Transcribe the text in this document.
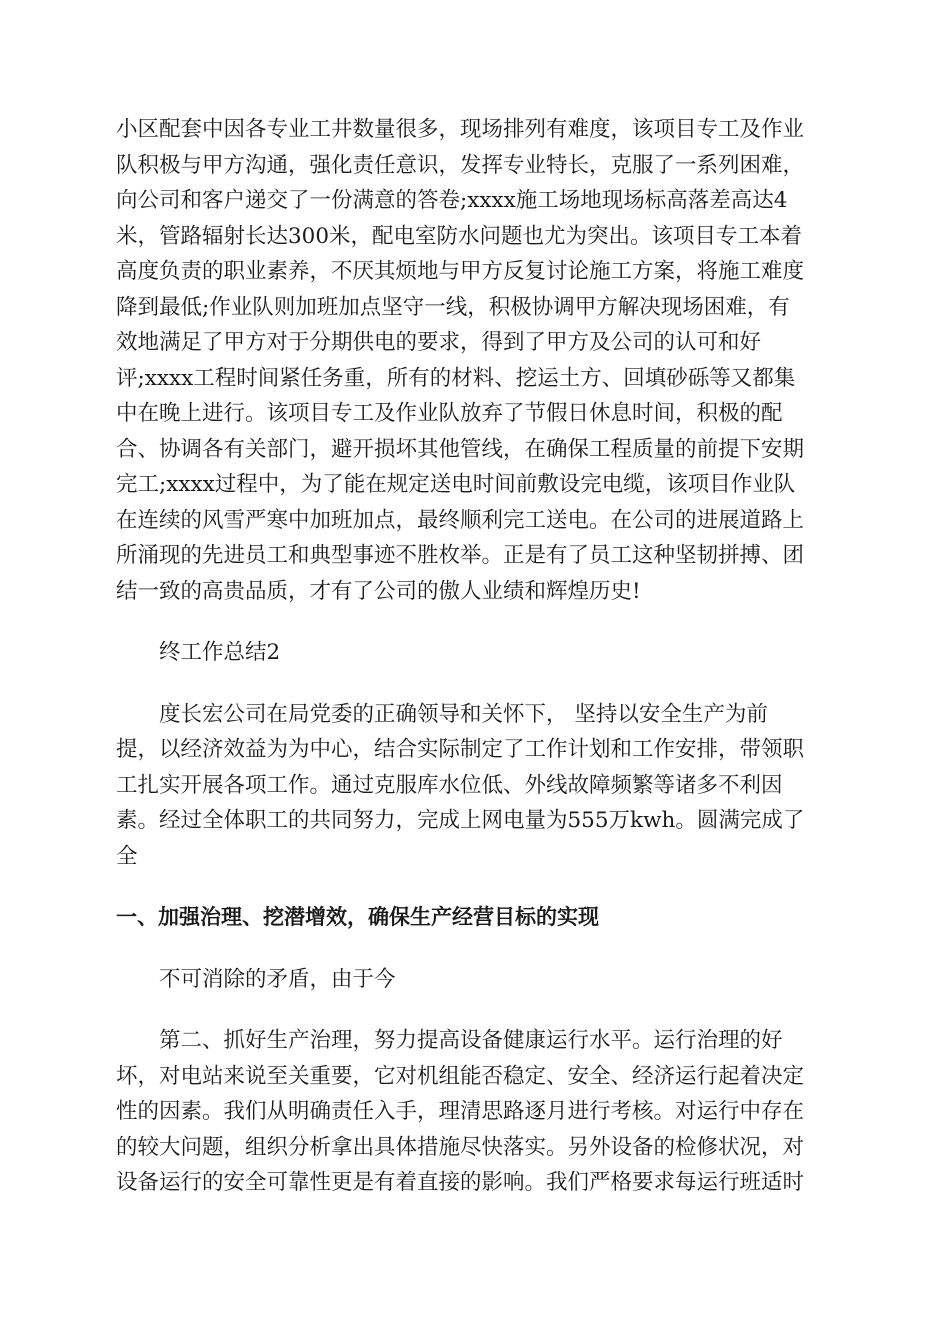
小区配套中因各专业工井数量很多，现场排列有难度，该项目专工及作业
队积极与甲方沟通，强化责任意识，发挥专业特长，克服了一系列困难，
向公司和客户递交了一份满意的答卷;xxxx施工场地现场标高落差高达4
米，管路辐射长达300米，配电室防水问题也尤为突出。该项目专工本着
高度负责的职业素养，不厌其烦地与甲方反复讨论施工方案，将施工难度
降到最低;作业队则加班加点坚守一线，积极协调甲方解决现场困难，有
效地满足了甲方对于分期供电的要求，得到了甲方及公司的认可和好
评;xxxx工程时间紧任务重，所有的材料、挖运土方、回填砂砾等又都集
中在晚上进行。该项目专工及作业队放弃了节假日休息时间，积极的配
合、协调各有关部门，避开损坏其他管线，在确保工程质量的前提下安期
完工;xxxx过程中，为了能在规定送电时间前敷设完电缆，该项目作业队
在连续的风雪严寒中加班加点，最终顺利完工送电。在公司的进展道路上
所涌现的先进员工和典型事迹不胜枚举。正是有了员工这种坚韧拼搏、团
结一致的高贵品质，才有了公司的傲人业绩和辉煌历史!

终工作总结2

度长宏公司在局党委的正确领导和关怀下， 坚持以安全生产为前
提，以经济效益为为中心，结合实际制定了工作计划和工作安排，带领职
工扎实开展各项工作。通过克服库水位低、外线故障频繁等诸多不利因
素。经过全体职工的共同努力，完成上网电量为555万kwh。圆满完成了
全

一、加强治理、挖潜增效，确保生产经营目标的实现

不可消除的矛盾，由于今

第二、抓好生产治理，努力提高设备健康运行水平。运行治理的好
坏，对电站来说至关重要，它对机组能否稳定、安全、经济运行起着决定
性的因素。我们从明确责任入手，理清思路逐月进行考核。对运行中存在
的较大问题，组织分析拿出具体措施尽快落实。另外设备的检修状况，对
设备运行的安全可靠性更是有着直接的影响。我们严格要求每运行班适时
